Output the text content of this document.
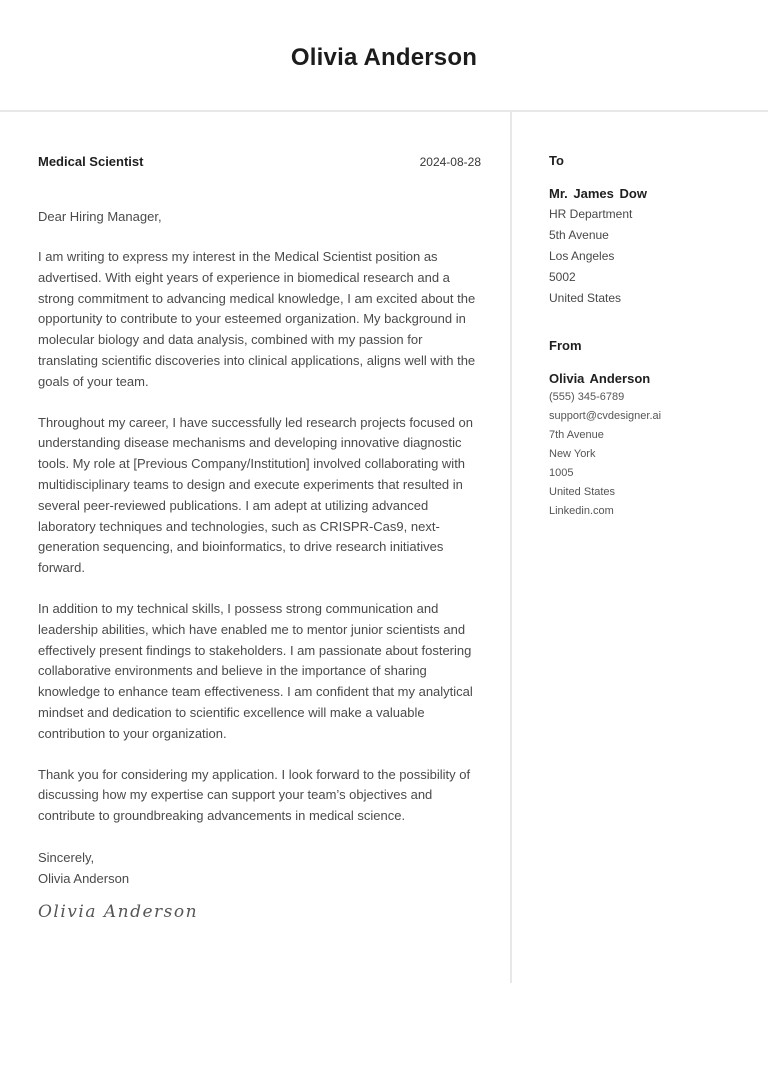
Olivia Anderson
Medical Scientist	2024-08-28
Dear Hiring Manager,

I am writing to express my interest in the Medical Scientist position as advertised. With eight years of experience in biomedical research and a strong commitment to advancing medical knowledge, I am excited about the opportunity to contribute to your esteemed organization. My background in molecular biology and data analysis, combined with my passion for translating scientific discoveries into clinical applications, aligns well with the goals of your team.

Throughout my career, I have successfully led research projects focused on understanding disease mechanisms and developing innovative diagnostic tools. My role at [Previous Company/Institution] involved collaborating with multidisciplinary teams to design and execute experiments that resulted in several peer-reviewed publications. I am adept at utilizing advanced laboratory techniques and technologies, such as CRISPR-Cas9, next-generation sequencing, and bioinformatics, to drive research initiatives forward.

In addition to my technical skills, I possess strong communication and leadership abilities, which have enabled me to mentor junior scientists and effectively present findings to stakeholders. I am passionate about fostering collaborative environments and believe in the importance of sharing knowledge to enhance team effectiveness. I am confident that my analytical mindset and dedication to scientific excellence will make a valuable contribution to your organization.

Thank you for considering my application. I look forward to the possibility of discussing how my expertise can support your team’s objectives and contribute to groundbreaking advancements in medical science.

Sincerely,
Olivia Anderson
Olivia Anderson
To
Mr. James Dow
HR Department
5th Avenue
Los Angeles
5002
United States
From
Olivia Anderson
(555) 345-6789
support@cvdesigner.ai
7th Avenue
New York
1005
United States
Linkedin.com
